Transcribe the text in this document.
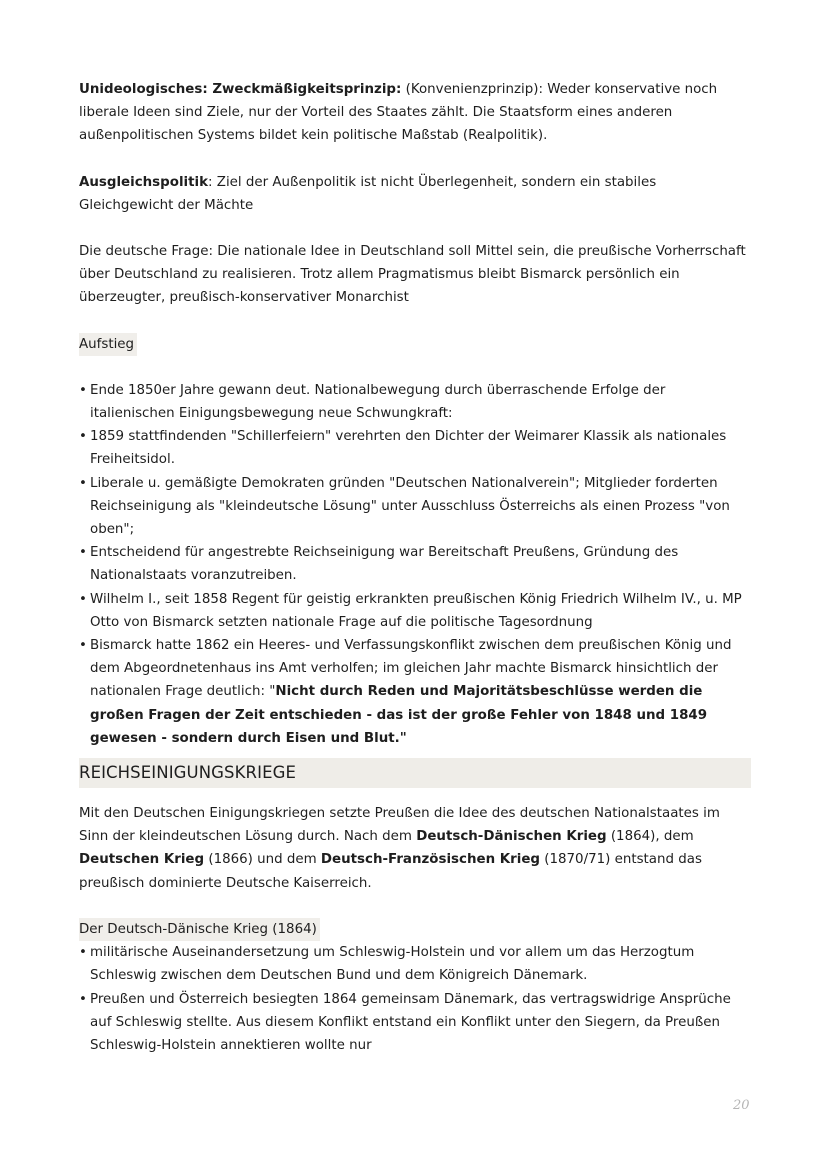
Unideologisches: Zweckmäßigkeitsprinzip: (Konvenienzprinzip): Weder konservative noch liberale Ideen sind Ziele, nur der Vorteil des Staates zählt. Die Staatsform eines anderen außenpolitischen Systems bildet kein politische Maßstab (Realpolitik).

Ausgleichspolitik: Ziel der Außenpolitik ist nicht Überlegenheit, sondern ein stabiles Gleichgewicht der Mächte

Die deutsche Frage: Die nationale Idee in Deutschland soll Mittel sein, die preußische Vorherrschaft über Deutschland zu realisieren. Trotz allem Pragmatismus bleibt Bismarck persönlich ein überzeugter, preußisch-konservativer Monarchist

Aufstieg
• Ende 1850er Jahre gewann deut. Nationalbewegung durch überraschende Erfolge der italienischen Einigungsbewegung neue Schwungkraft:
• 1859 stattfindenden "Schillerfeiern" verehrten den Dichter der Weimarer Klassik als nationales Freiheitsidol.
• Liberale u. gemäßigte Demokraten gründen "Deutschen Nationalverein"; Mitglieder forderten Reichseinigung als "kleindeutsche Lösung" unter Ausschluss Österreichs als einen Prozess "von oben";
• Entscheidend für angestrebte Reichseinigung war Bereitschaft Preußens, Gründung des Nationalstaats voranzutreiben.
• Wilhelm I., seit 1858 Regent für geistig erkrankten preußischen König Friedrich Wilhelm IV., u. MP Otto von Bismarck setzten nationale Frage auf die politische Tagesordnung
• Bismarck hatte 1862 ein Heeres- und Verfassungskonflikt zwischen dem preußischen König und dem Abgeordnetenhaus ins Amt verholfen; im gleichen Jahr machte Bismarck hinsichtlich der nationalen Frage deutlich: "Nicht durch Reden und Majoritätsbeschlüsse werden die großen Fragen der Zeit entschieden - das ist der große Fehler von 1848 und 1849 gewesen - sondern durch Eisen und Blut."
REICHSEINIGUNGSKRIEGE

Mit den Deutschen Einigungskriegen setzte Preußen die Idee des deutschen Nationalstaates im Sinn der kleindeutschen Lösung durch. Nach dem Deutsch-Dänischen Krieg (1864), dem Deutschen Krieg (1866) und dem Deutsch-Französischen Krieg (1870/71) entstand das preußisch dominierte Deutsche Kaiserreich.

Der Deutsch-Dänische Krieg (1864)
• militärische Auseinandersetzung um Schleswig-Holstein und vor allem um das Herzogtum Schleswig zwischen dem Deutschen Bund und dem Königreich Dänemark.
• Preußen und Österreich besiegten 1864 gemeinsam Dänemark, das vertragswidrige Ansprüche auf Schleswig stellte. Aus diesem Konflikt entstand ein Konflikt unter den Siegern, da Preußen Schleswig-Holstein annektieren wollte nur
20
